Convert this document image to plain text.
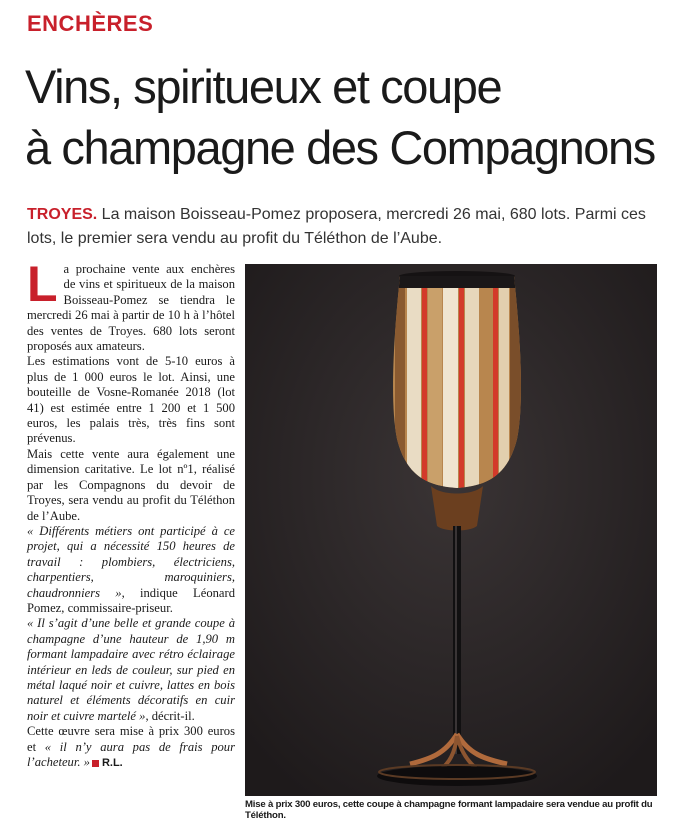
ENCHÈRES
Vins, spiritueux et coupe
à champagne des Compagnons
TROYES. La maison Boisseau-Pomez proposera, mercredi 26 mai, 680 lots. Parmi ces lots, le premier sera vendu au profit du Téléthon de l’Aube.

La prochaine vente aux enchères de vins et spiritueux de la maison Boisseau-Pomez se tiendra le mercredi 26 mai à partir de 10 h à l’hôtel des ventes de Troyes. 680 lots seront proposés aux amateurs.

Les estimations vont de 5-10 euros à plus de 1 000 euros le lot. Ainsi, une bouteille de Vosne-Romanée 2018 (lot 41) est estimée entre 1 200 et 1 500 euros, les palais très, très fins sont prévenus.

Mais cette vente aura également une dimension caritative. Le lot nº1, réalisé par les Compagnons du devoir de Troyes, sera vendu au profit du Téléthon de l’Aube.

« Différents métiers ont participé à ce projet, qui a nécessité 150 heures de travail : plombiers, électriciens, charpentiers, maroquiniers, chaudronniers », indique Léonard Pomez, commissaire-priseur.

« Il s’agit d’une belle et grande coupe à champagne d’une hauteur de 1,90 m formant lampadaire avec rétro éclairage intérieur en leds de couleur, sur pied en métal laqué noir et cuivre, lattes en bois naturel et éléments décoratifs en cuir noir et cuivre martelé », décrit-il.

Cette œuvre sera mise à prix 300 euros et « il n’y aura pas de frais pour l’acheteur. » R.L.

Mise à prix 300 euros, cette coupe à champagne formant lampadaire sera vendue au profit du Téléthon.
